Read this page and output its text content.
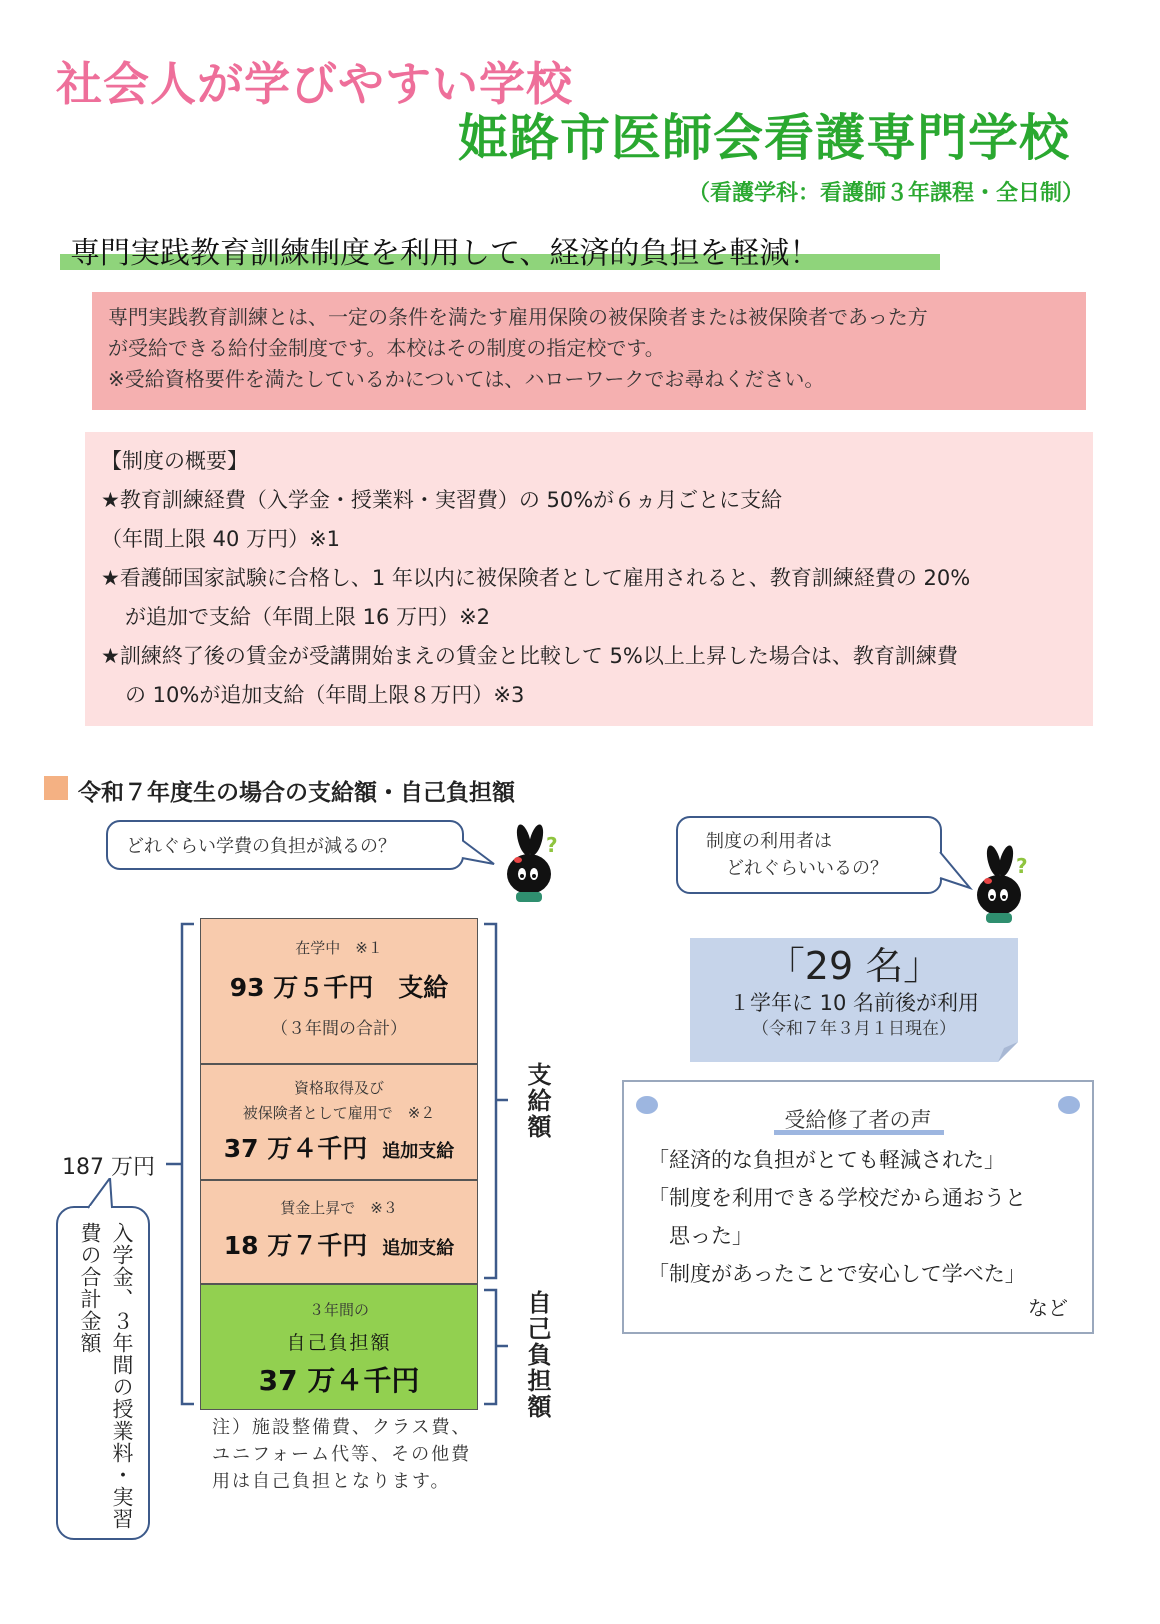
社会人が学びやすい学校
姫路市医師会看護専門学校
（看護学科：看護師３年課程・全日制）
専門実践教育訓練制度を利用して、経済的負担を軽減！

専門実践教育訓練とは、一定の条件を満たす雇用保険の被保険者または被保険者であった方

が受給できる給付金制度です。本校はその制度の指定校です。

※受給資格要件を満たしているかについては、ハローワークでお尋ねください。

【制度の概要】

★教育訓練経費（入学金・授業料・実習費）の 50%が６ヵ月ごとに支給

（年間上限 40 万円）※1

★看護師国家試験に合格し、1 年以内に被保険者として雇用されると、教育訓練経費の 20%

が追加で支給（年間上限 16 万円）※2

★訓練終了後の賃金が受講開始まえの賃金と比較して 5%以上上昇した場合は、教育訓練費

の 10%が追加支給（年間上限８万円）※3

令和７年度生の場合の支給額・自己負担額
どれぐらい学費の負担が減るの？	?	制度の利用者は
どれぐらいいるの？	?
在学中　※１
93 万５千円　支給
（３年間の合計）
資格取得及び
被保険者として雇用で　※２
37 万４千円 追加支給
賃金上昇で　※３
18 万７千円 追加支給
３年間の
自己負担額
37 万４千円
支給額
自己負担額
187 万円
入学金、３年間の授業料・実習費の合計金額
注）施設整備費、クラス費、ユニフォーム代等、その他費用は自己負担となります。
「29 名」
１学年に 10 名前後が利用
（令和７年３月１日現在）
受給修了者の声
「経済的な負担がとても軽減された」
「制度を利用できる学校だから通おうと
　思った」
「制度があったことで安心して学べた」
など
